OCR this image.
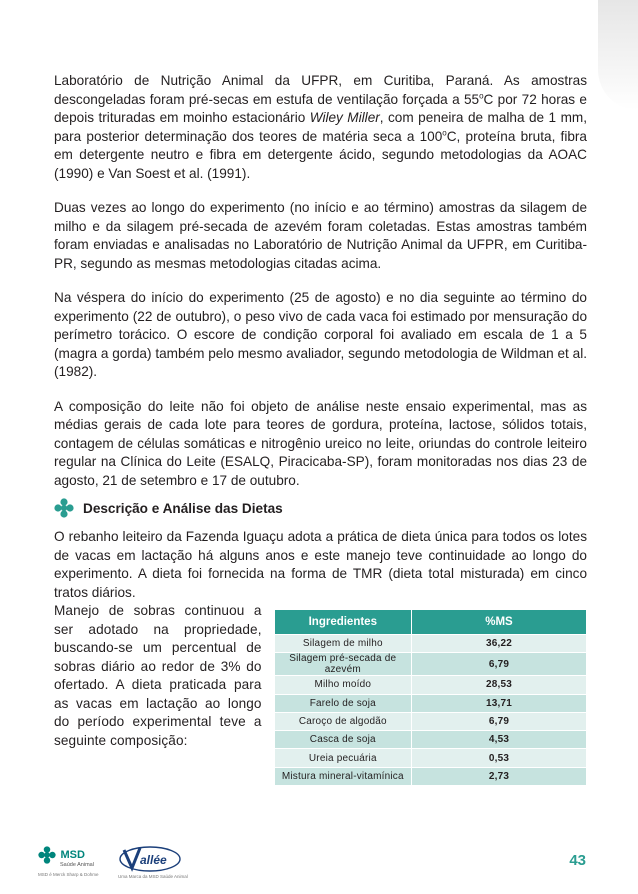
Laboratório de Nutrição Animal da UFPR, em Curitiba, Paraná. As amostras descongeladas foram pré-secas em estufa de ventilação forçada a 55$^o$C por 72 horas e depois trituradas em moinho estacionário Wiley Miller, com peneira de malha de 1 mm, para posterior determinação dos teores de matéria seca a 100$^o$C, proteína bruta, fibra em detergente neutro e fibra em detergente ácido, segundo metodologias da AOAC (1990) e Van Soest et al. (1991).

Duas vezes ao longo do experimento (no início e ao término) amostras da silagem de milho e da silagem pré-secada de azevém foram coletadas. Estas amostras também foram enviadas e analisadas no Laboratório de Nutrição Animal da UFPR, em Curitiba-PR, segundo as mesmas metodologias citadas acima.

Na véspera do início do experimento (25 de agosto) e no dia seguinte ao término do experimento (22 de outubro), o peso vivo de cada vaca foi estimado por mensuração do perímetro torácico. O escore de condição corporal foi avaliado em escala de 1 a 5 (magra a gorda) também pelo mesmo avaliador, segundo metodologia de Wildman et al. (1982).

A composição do leite não foi objeto de análise neste ensaio experimental, mas as médias gerais de cada lote para teores de gordura, proteína, lactose, sólidos totais, contagem de células somáticas e nitrogênio ureico no leite, oriundas do controle leiteiro regular na Clínica do Leite (ESALQ, Piracicaba-SP), foram monitoradas nos dias 23 de agosto, 21 de setembro e 17 de outubro.

Descrição e Análise das Dietas

O rebanho leiteiro da Fazenda Iguaçu adota a prática de dieta única para todos os lotes de vacas em lactação há alguns anos e este manejo teve continuidade ao longo do experimento. A dieta foi fornecida na forma de TMR (dieta total misturada) em cinco tratos diários.

Manejo de sobras continuou a ser adotado na propriedade, buscando-se um percentual de sobras diário ao redor de 3% do ofertado. A dieta praticada para as vacas em lactação ao longo do período experimental teve a seguinte composição:
Ingredientes	%MS
Silagem de milho	36,22
Silagem pré-secada de azevém	6,79
Milho moído	28,53
Farelo de soja	13,71
Caroço de algodão	6,79
Casca de soja	4,53
Ureia pecuária	0,53
Mistura mineral-vitamínica	2,73
MSD
Saúde Animal
MSD é Merck Sharp & Dohme
allée
Uma Marca da MSD Saúde Animal
43
